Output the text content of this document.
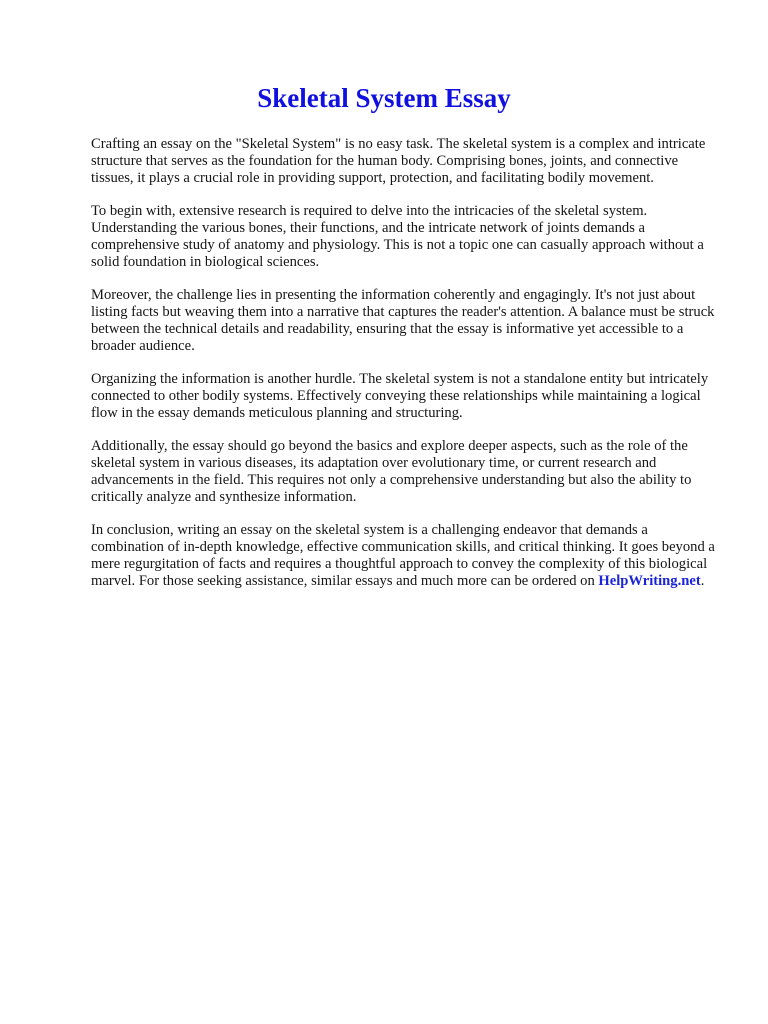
Skeletal System Essay

Crafting an essay on the "Skeletal System" is no easy task. The skeletal system is a complex and intricate structure that serves as the foundation for the human body. Comprising bones, joints, and connective tissues, it plays a crucial role in providing support, protection, and facilitating bodily movement.

To begin with, extensive research is required to delve into the intricacies of the skeletal system. Understanding the various bones, their functions, and the intricate network of joints demands a comprehensive study of anatomy and physiology. This is not a topic one can casually approach without a solid foundation in biological sciences.

Moreover, the challenge lies in presenting the information coherently and engagingly. It's not just about listing facts but weaving them into a narrative that captures the reader's attention. A balance must be struck between the technical details and readability, ensuring that the essay is informative yet accessible to a broader audience.

Organizing the information is another hurdle. The skeletal system is not a standalone entity but intricately connected to other bodily systems. Effectively conveying these relationships while maintaining a logical flow in the essay demands meticulous planning and structuring.

Additionally, the essay should go beyond the basics and explore deeper aspects, such as the role of the skeletal system in various diseases, its adaptation over evolutionary time, or current research and advancements in the field. This requires not only a comprehensive understanding but also the ability to critically analyze and synthesize information.

In conclusion, writing an essay on the skeletal system is a challenging endeavor that demands a combination of in-depth knowledge, effective communication skills, and critical thinking. It goes beyond a mere regurgitation of facts and requires a thoughtful approach to convey the complexity of this biological marvel. For those seeking assistance, similar essays and much more can be ordered on HelpWriting.net.
